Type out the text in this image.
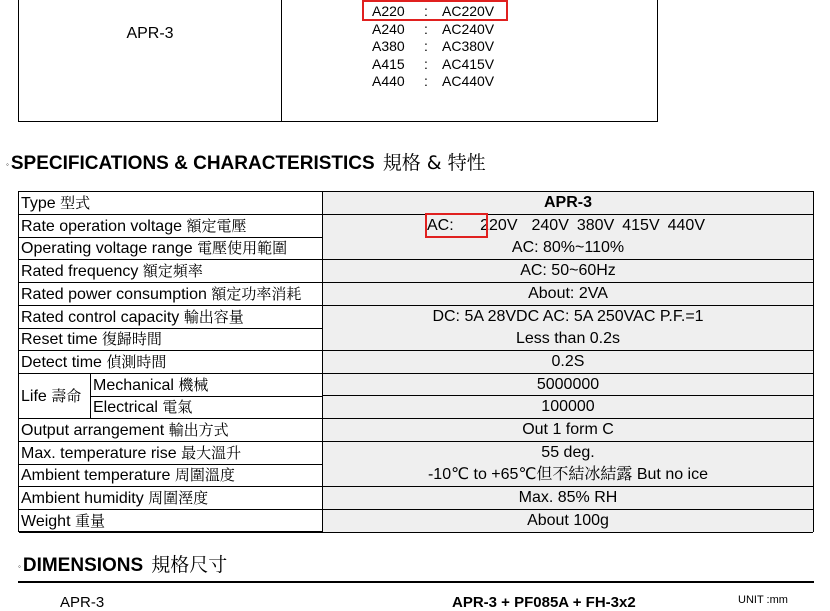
APR-3
A220 : AC220V
A240 : AC240V
A380 : AC380V
A415 : AC415V
A440 : AC440V
◦ SPECIFICATIONS & CHARACTERISTICS 規格 & 特性
Type 型式	APR-3
Rate operation voltage 額定電壓	AC: 220V 240V 380V 415V 440V
Operating voltage range 電壓使用範圍	AC: 80%~110%
Rated frequency 額定頻率	AC: 50~60Hz
Rated power consumption 額定功率消耗	About: 2VA
Rated control capacity 輸出容量	DC: 5A 28VDC AC: 5A 250VAC P.F.=1
Reset time 復歸時間	Less than 0.2s
Detect time 偵測時間	0.2S
Life 壽命
Mechanical 機械	5000000
Electrical 電氣	100000
Output arrangement 輸出方式	Out 1 form C
Max. temperature rise 最大溫升	55 deg.
Ambient temperature 周圍溫度	-10℃ to +65℃但不結冰結露 But no ice
Ambient humidity 周圍溼度	Max. 85% RH
Weight 重量	About 100g
◦ DIMENSIONS 規格尺寸
APR-3	APR-3 + PF085A + FH-3x2	UNIT :mm
